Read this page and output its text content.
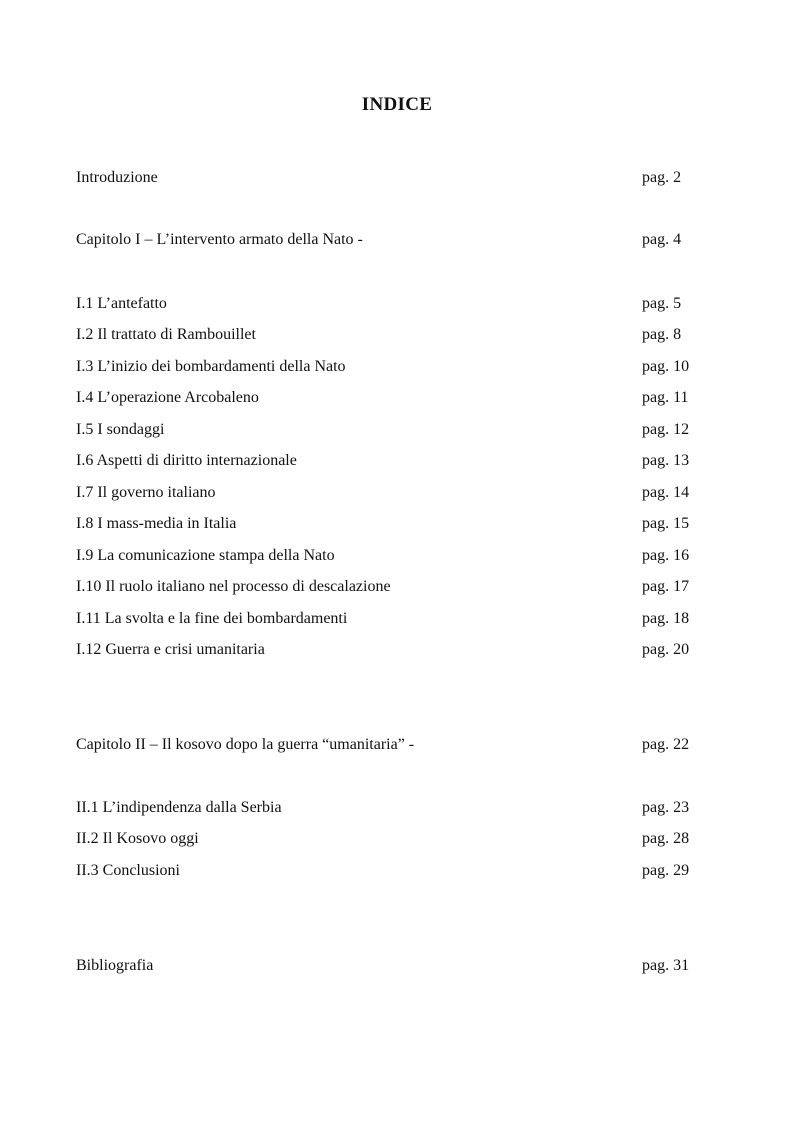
INDICE
Introduzione	pag. 2
Capitolo I – L’intervento armato della Nato -	pag. 4
I.1 L’antefatto	pag. 5
I.2 Il trattato di Rambouillet	pag. 8
I.3 L’inizio dei bombardamenti della Nato	pag. 10
I.4 L’operazione Arcobaleno	pag. 11
I.5 I sondaggi	pag. 12
I.6 Aspetti di diritto internazionale	pag. 13
I.7 Il governo italiano	pag. 14
I.8 I mass-media in Italia	pag. 15
I.9 La comunicazione stampa della Nato	pag. 16
I.10 Il ruolo italiano nel processo di descalazione	pag. 17
I.11 La svolta e la fine dei bombardamenti	pag. 18
I.12 Guerra e crisi umanitaria	pag. 20
Capitolo II – Il kosovo dopo la guerra “umanitaria” -	pag. 22
II.1 L’indipendenza dalla Serbia	pag. 23
II.2 Il Kosovo oggi	pag. 28
II.3 Conclusioni	pag. 29
Bibliografia	pag. 31
